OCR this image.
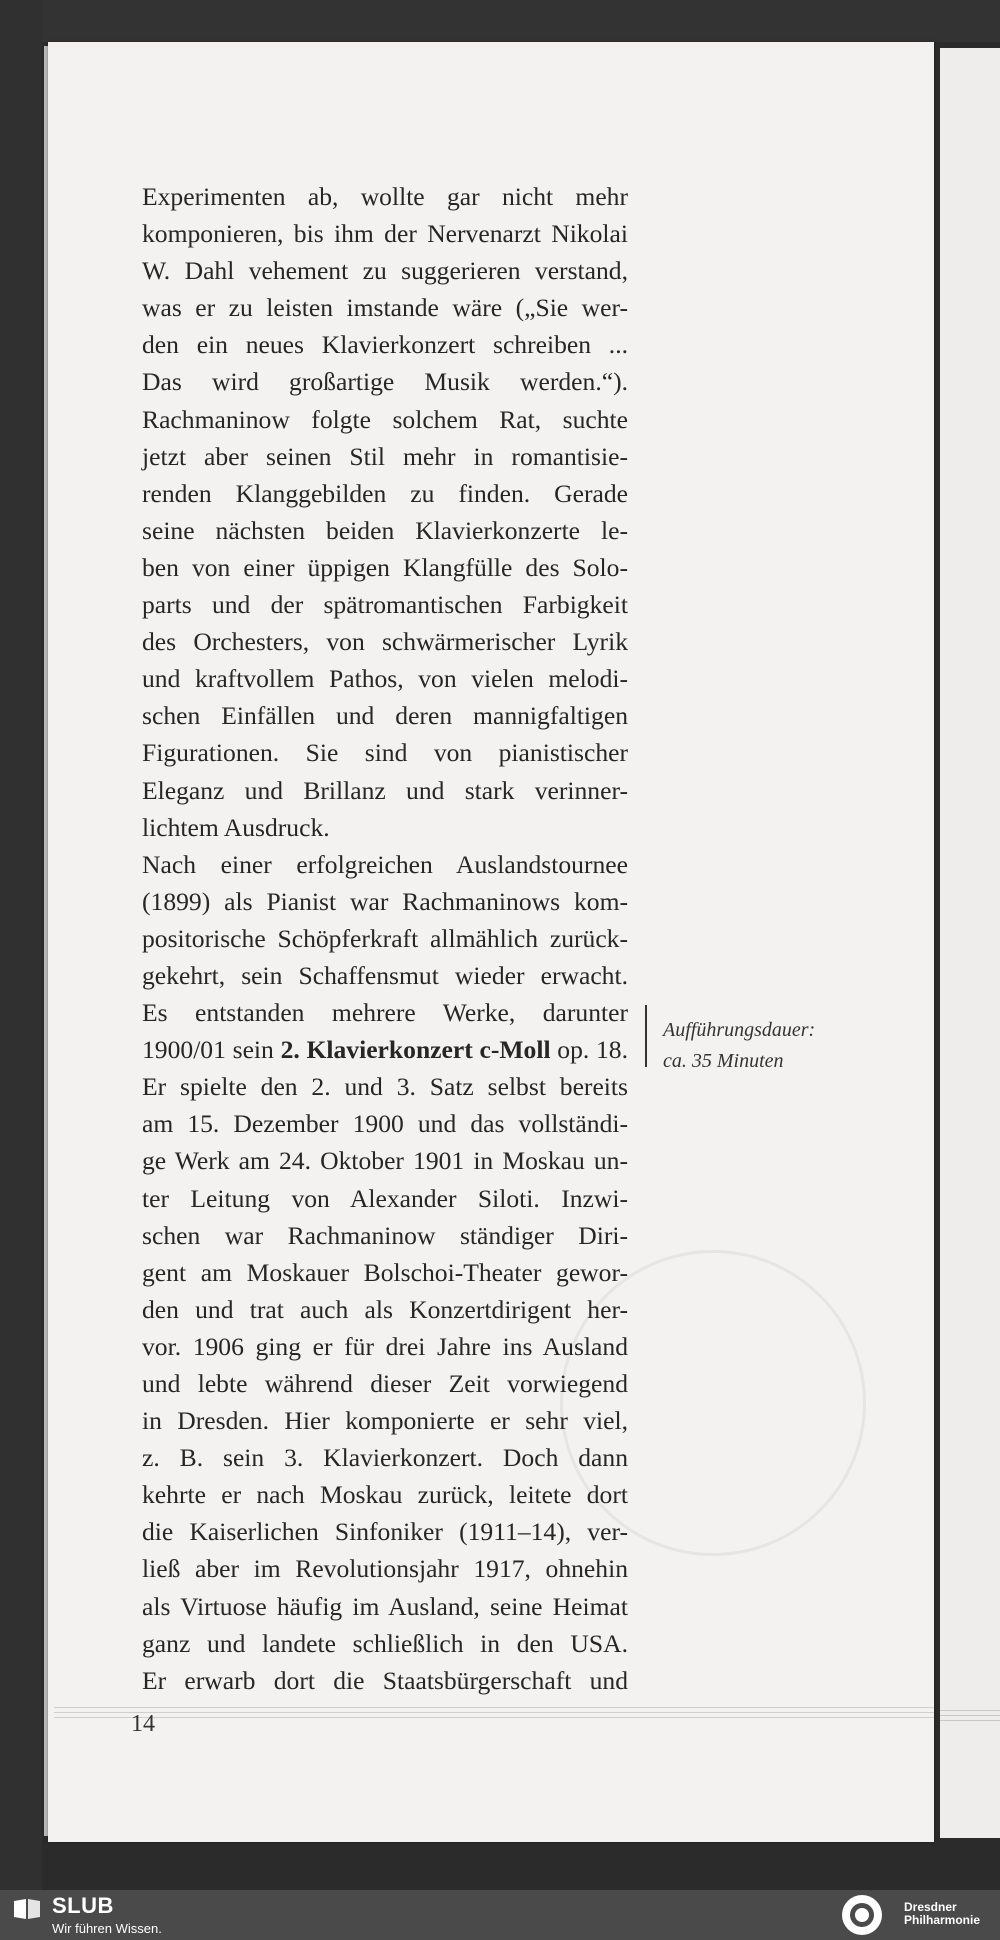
Experimenten ab, wollte gar nicht mehr
komponieren, bis ihm der Nervenarzt Nikolai
W. Dahl vehement zu suggerieren verstand,
was er zu leisten imstande wäre („Sie wer-
den ein neues Klavierkonzert schreiben ...
Das wird großartige Musik werden.“).
Rachmaninow folgte solchem Rat, suchte
jetzt aber seinen Stil mehr in romantisie-
renden Klanggebilden zu finden. Gerade
seine nächsten beiden Klavierkonzerte le-
ben von einer üppigen Klangfülle des Solo-
parts und der spätromantischen Farbigkeit
des Orchesters, von schwärmerischer Lyrik
und kraftvollem Pathos, von vielen melodi-
schen Einfällen und deren mannigfaltigen
Figurationen. Sie sind von pianistischer
Eleganz und Brillanz und stark verinner-
lichtem Ausdruck.
Nach einer erfolgreichen Auslandstournee
(1899) als Pianist war Rachmaninows kom-
positorische Schöpferkraft allmählich zurück-
gekehrt, sein Schaffensmut wieder erwacht.
Es entstanden mehrere Werke, darunter
1900/01 sein 2. Klavierkonzert c-Moll op. 18.
Er spielte den 2. und 3. Satz selbst bereits
am 15. Dezember 1900 und das vollständi-
ge Werk am 24. Oktober 1901 in Moskau un-
ter Leitung von Alexander Siloti. Inzwi-
schen war Rachmaninow ständiger Diri-
gent am Moskauer Bolschoi-Theater gewor-
den und trat auch als Konzertdirigent her-
vor. 1906 ging er für drei Jahre ins Ausland
und lebte während dieser Zeit vorwiegend
in Dresden. Hier komponierte er sehr viel,
z. B. sein 3. Klavierkonzert. Doch dann
kehrte er nach Moskau zurück, leitete dort
die Kaiserlichen Sinfoniker (1911–14), ver-
ließ aber im Revolutionsjahr 1917, ohnehin
als Virtuose häufig im Ausland, seine Heimat
ganz und landete schließlich in den USA.
Er erwarb dort die Staatsbürgerschaft und
Aufführungsdauer:
ca. 35 Minuten
14
SLUB
Wir führen Wissen.
Dresdner
Philharmonie
